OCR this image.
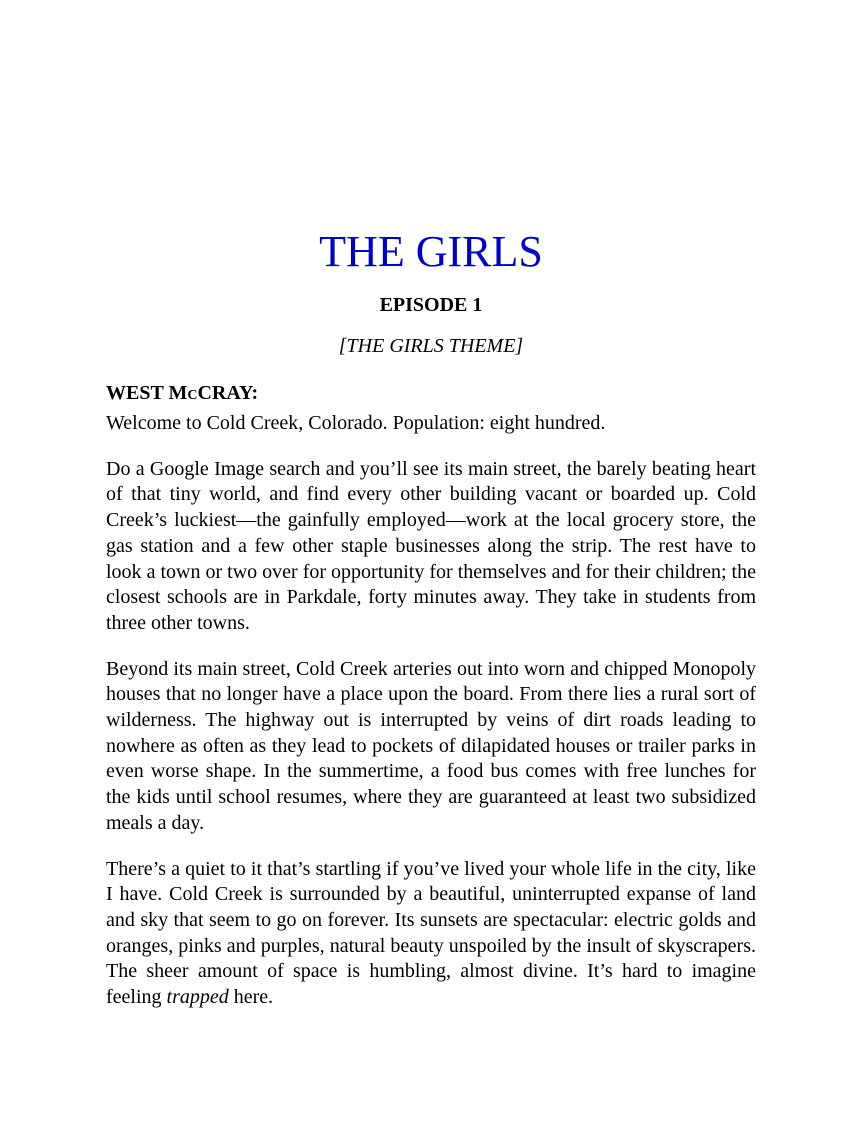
THE GIRLS
EPISODE 1
[THE GIRLS THEME]
WEST MCCRAY:

Welcome to Cold Creek, Colorado. Population: eight hundred.

Do a Google Image search and you’ll see its main street, the barely beating heart of that tiny world, and find every other building vacant or boarded up. Cold Creek’s luckiest—the gainfully employed—work at the local grocery store, the gas station and a few other staple businesses along the strip. The rest have to look a town or two over for opportunity for themselves and for their children; the closest schools are in Parkdale, forty minutes away. They take in students from three other towns.

Beyond its main street, Cold Creek arteries out into worn and chipped Monopoly houses that no longer have a place upon the board. From there lies a rural sort of wilderness. The highway out is interrupted by veins of dirt roads leading to nowhere as often as they lead to pockets of dilapidated houses or trailer parks in even worse shape. In the summertime, a food bus comes with free lunches for the kids until school resumes, where they are guaranteed at least two subsidized meals a day.

There’s a quiet to it that’s startling if you’ve lived your whole life in the city, like I have. Cold Creek is surrounded by a beautiful, uninterrupted expanse of land and sky that seem to go on forever. Its sunsets are spectacular: electric golds and oranges, pinks and purples, natural beauty unspoiled by the insult of skyscrapers. The sheer amount of space is humbling, almost divine. It’s hard to imagine feeling trapped here.
